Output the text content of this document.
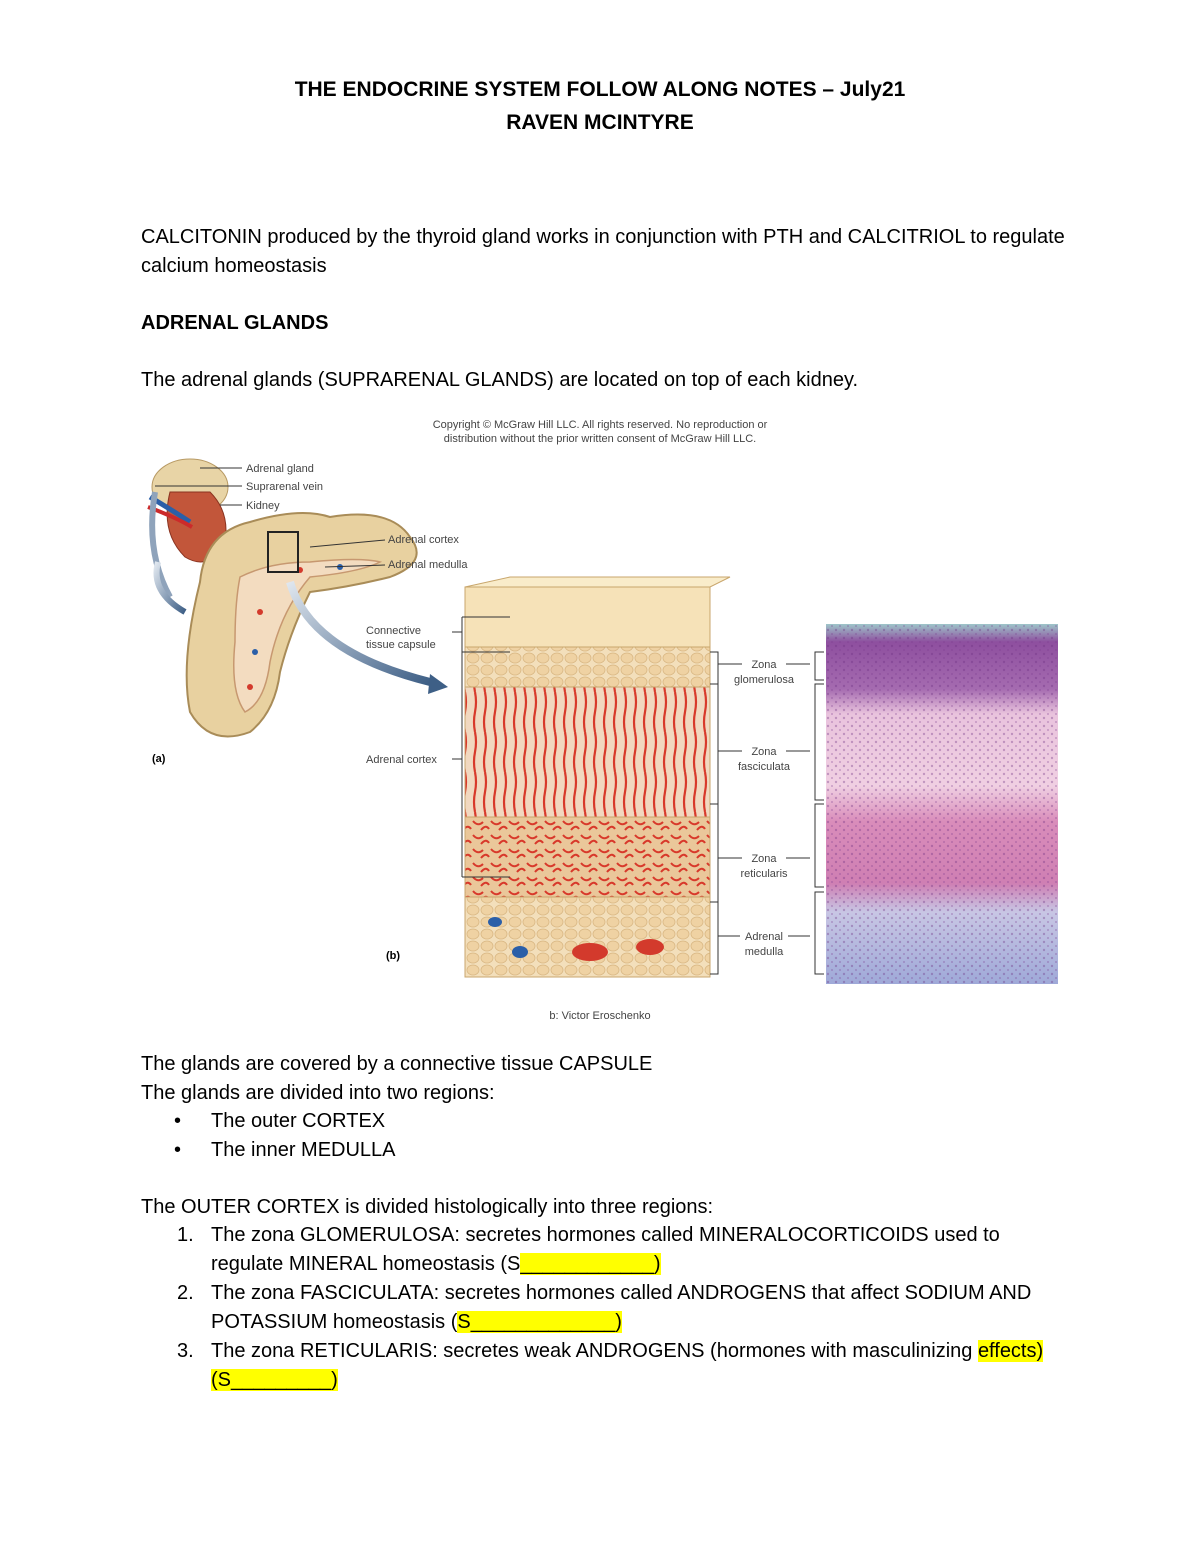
THE ENDOCRINE SYSTEM FOLLOW ALONG NOTES – July21
RAVEN MCINTYRE
CALCITONIN produced by the thyroid gland works in conjunction with PTH and CALCITRIOL to regulate calcium homeostasis
ADRENAL GLANDS
The adrenal glands (SUPRARENAL GLANDS) are located on top of each kidney.
Copyright © McGraw Hill LLC. All rights reserved. No reproduction or
distribution without the prior written consent of McGraw Hill LLC.
Adrenal gland
Suprarenal vein
Kidney
Adrenal cortex
Adrenal medulla
(a)
Connective
tissue capsule
Adrenal cortex
(b)
Zona
glomerulosa
Zona
fasciculata
Zona
reticularis
Adrenal
medulla
b: Victor Eroschenko
The glands are covered by a connective tissue CAPSULE
The glands are divided into two regions:
• The outer CORTEX
• The inner MEDULLA
The OUTER CORTEX is divided histologically into three regions:
1. The zona GLOMERULOSA: secretes hormones called MINERALOCORTICOIDS used to regulate MINERAL homeostasis (S____________)
2. The zona FASCICULATA: secretes hormones called ANDROGENS that affect SODIUM AND POTASSIUM homeostasis (S_____________)
3. The zona RETICULARIS: secretes weak ANDROGENS (hormones with masculinizing effects) (S_________)
